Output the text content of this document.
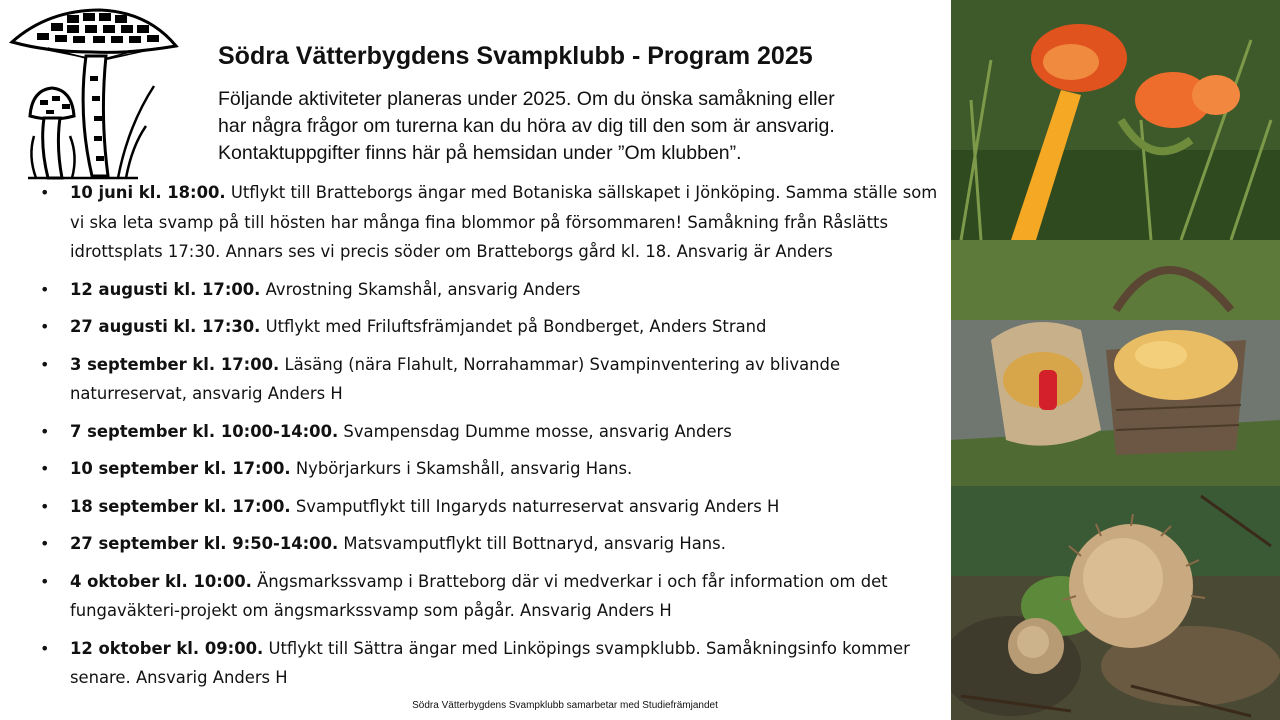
Södra Vätterbygdens Svampklubb - Program 2025
Följande aktiviteter planeras under 2025. Om du önska samåkning eller
har några frågor om turerna kan du höra av dig till den som är ansvarig.
Kontaktuppgifter finns här på hemsidan under ”Om klubben”.
• 10 juni kl. 18:00. Utflykt till Bratteborgs ängar med Botaniska sällskapet i Jönköping. Samma ställe som vi ska leta svamp på till hösten har många fina blommor på försommaren! Samåkning från Råslätts idrottsplats 17:30. Annars ses vi precis söder om Bratteborgs gård kl. 18. Ansvarig är Anders
• 12 augusti kl. 17:00. Avrostning Skamshål, ansvarig Anders
• 27 augusti kl. 17:30. Utflykt med Friluftsfrämjandet på Bondberget, Anders Strand
• 3 september kl. 17:00. Läsäng (nära Flahult, Norrahammar) Svampinventering av blivande naturreservat, ansvarig Anders H
• 7 september kl. 10:00-14:00. Svampensdag Dumme mosse, ansvarig Anders
• 10 september kl. 17:00. Nybörjarkurs i Skamshåll, ansvarig Hans.
• 18 september kl. 17:00. Svamputflykt till Ingaryds naturreservat ansvarig Anders H
• 27 september kl. 9:50-14:00. Matsvamputflykt till Bottnaryd, ansvarig Hans.
• 4 oktober kl. 10:00. Ängsmarkssvamp i Bratteborg där vi medverkar i och får information om det fungaväkteri-projekt om ängsmarkssvamp som pågår. Ansvarig Anders H
• 12 oktober kl. 09:00. Utflykt till Sättra ängar med Linköpings svampklubb. Samåkningsinfo kommer senare. Ansvarig Anders H
Södra Vätterbygdens Svampklubb samarbetar med Studiefrämjandet
